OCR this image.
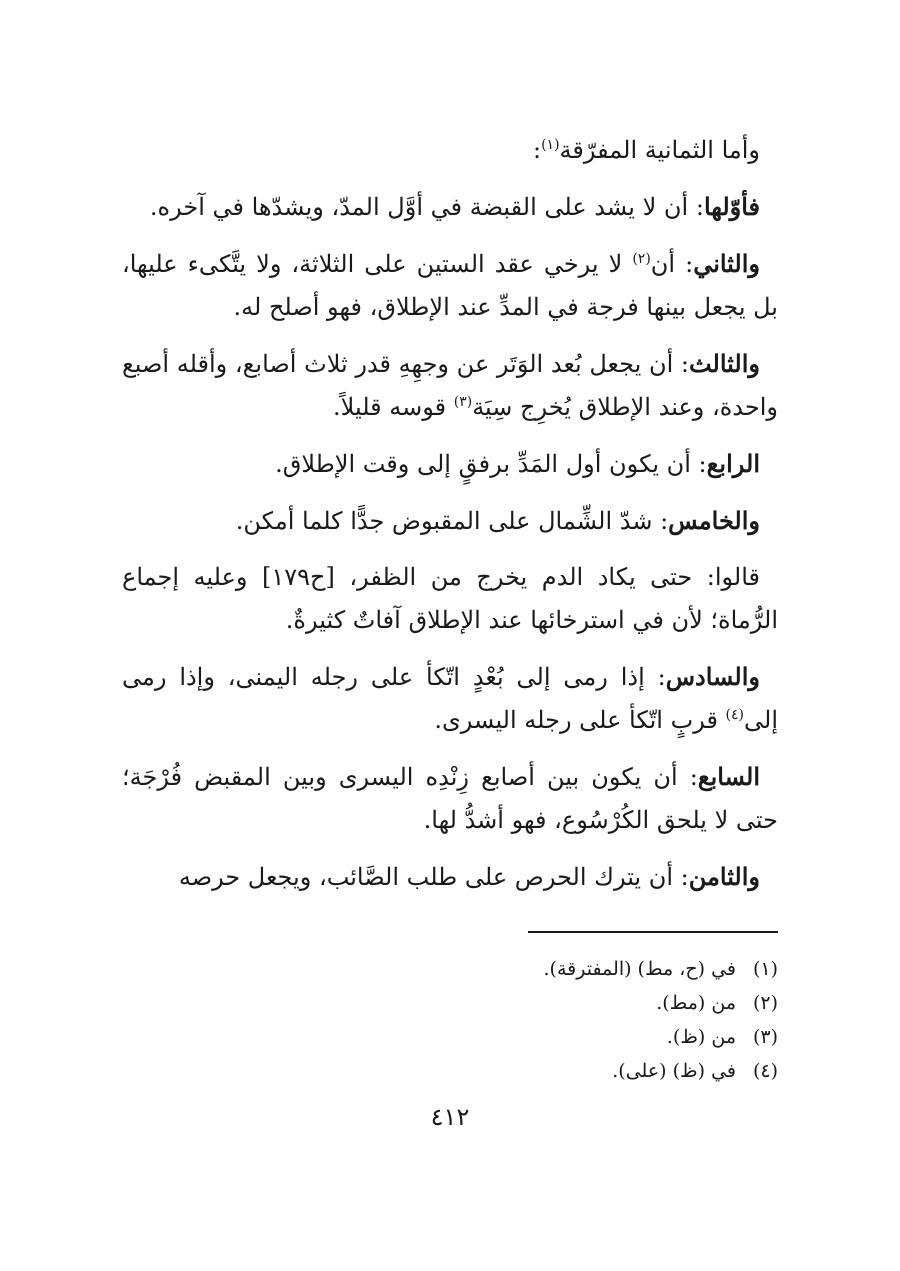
وأما الثمانية المفرّقة$^{(١)}$:

فأوّلها: أن لا يشد على القبضة في أوَّل المدّ، ويشدّها في آخره.

والثاني: أن$^{(٢)}$ لا يرخي عقد الستين على الثلاثة، ولا يتَّكىء عليها، بل يجعل بينها فرجة في المدِّ عند الإطلاق، فهو أصلح له.

والثالث: أن يجعل بُعد الوَتَر عن وجهِهِ قدر ثلاث أصابع، وأقله أصبع واحدة، وعند الإطلاق يُخرِج سِيَة$^{(٣)}$ قوسه قليلاً.

الرابع: أن يكون أول المَدِّ برفقٍ إلى وقت الإطلاق.

والخامس: شدّ الشِّمال على المقبوض جدًّا كلما أمكن.

قالوا: حتى يكاد الدم يخرج من الظفر، [ح١٧٩] وعليه إجماع الرُّماة؛ لأن في استرخائها عند الإطلاق آفاتٌ كثيرةٌ.

والسادس: إذا رمى إلى بُعْدٍ اتّكأ على رجله اليمنى، وإذا رمى إلى$^{(٤)}$ قربٍ اتّكأ على رجله اليسرى.

السابع: أن يكون بين أصابع زِنْدِه اليسرى وبين المقبض فُرْجَة؛ حتى لا يلحق الكُرْسُوع، فهو أشدُّ لها.

والثامن: أن يترك الحرص على طلب الصَّائب، ويجعل حرصه

(١)
في (ح، مط) (المفترقة).
(٢)
من (مط).
(٣)
من (ظ).
(٤)
في (ظ) (على).
٤١٢
